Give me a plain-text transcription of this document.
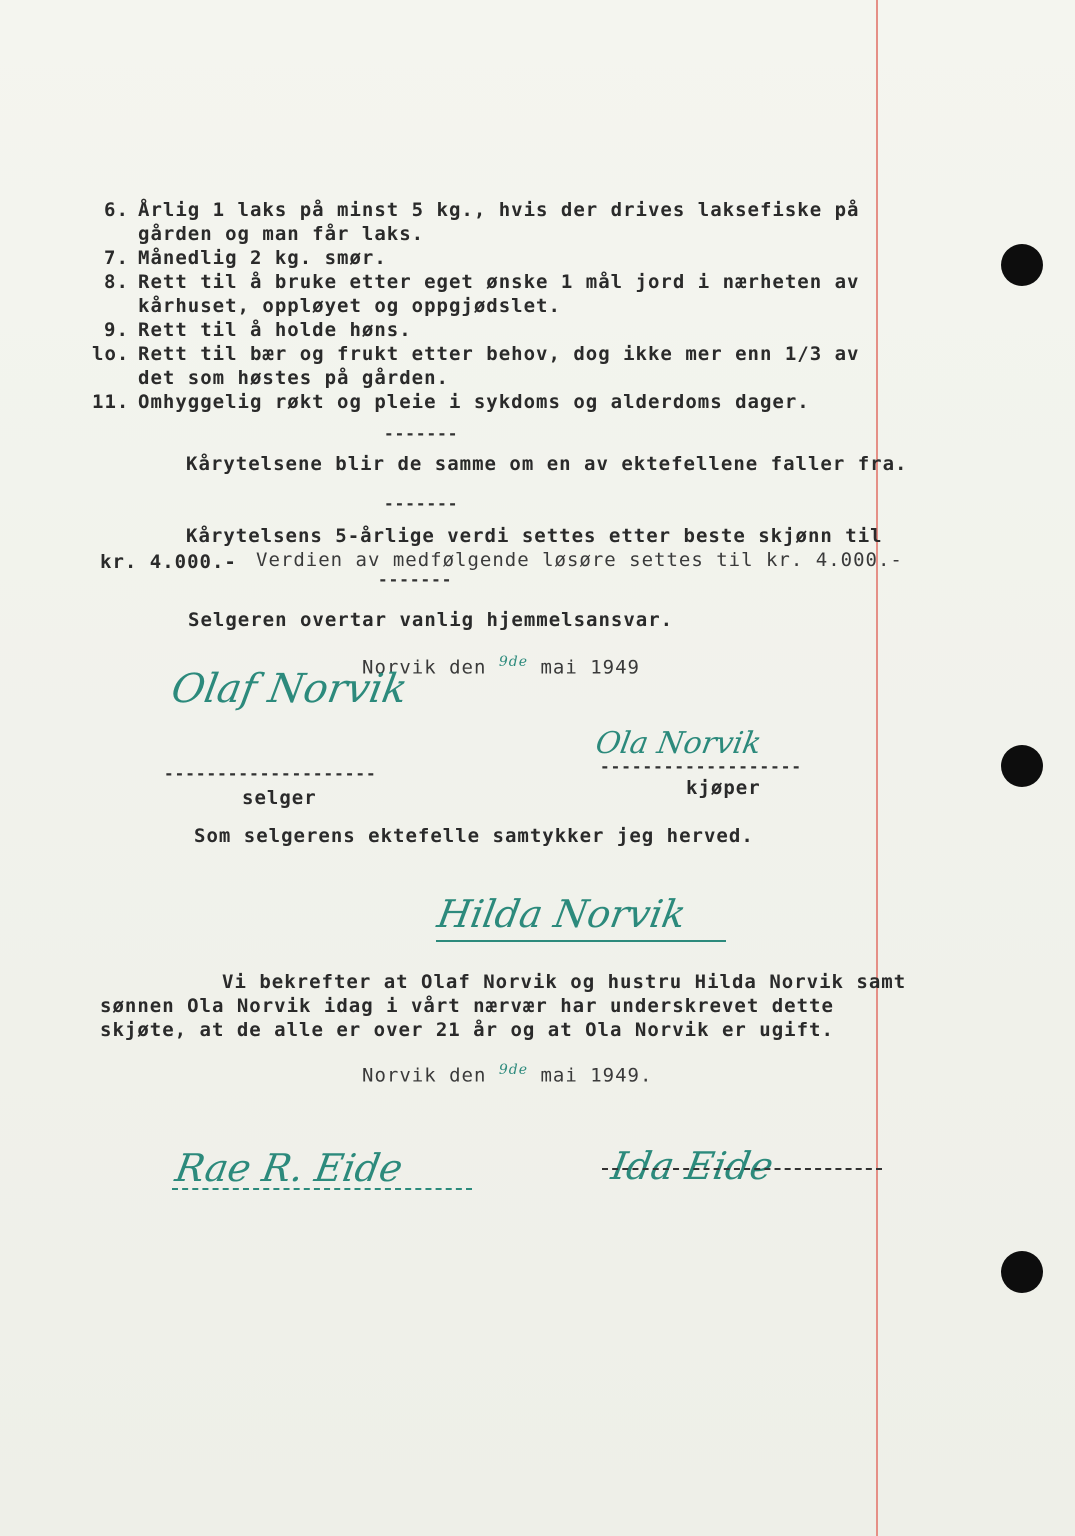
6. Årlig 1 laks på minst 5 kg., hvis der drives laksefiske på
gården og man får laks.
7. Månedlig 2 kg. smør.
8. Rett til å bruke etter eget ønske 1 mål jord i nærheten av
kårhuset, oppløyet og oppgjødslet.
9. Rett til å holde høns.
lo. Rett til bær og frukt etter behov, dog ikke mer enn 1/3 av
det som høstes på gården.
11. Omhyggelig røkt og pleie i sykdoms og alderdoms dager.
-------
Kårytelsene blir de samme om en av ektefellene faller fra.
-------
Kårytelsens 5-årlige verdi settes etter beste skjønn til
kr. 4.000.- Verdien av medfølgende løsøre settes til kr. 4.000.-
-------
Selgeren overtar vanlig hjemmelsansvar.
Norvik den $^{9de}$ mai 1949
Olaf Norvik
Ola Norvik
--------------------	-------------------
selger	kjøper
Som selgerens ektefelle samtykker jeg herved.
Hilda Norvik
Vi bekrefter at Olaf Norvik og hustru Hilda Norvik samt
sønnen Ola Norvik idag i vårt nærvær har underskrevet dette
skjøte, at de alle er over 21 år og at Ola Norvik er ugift.
Norvik den $^{9de}$ mai 1949.
Rae R. Eide	Ida Eide
